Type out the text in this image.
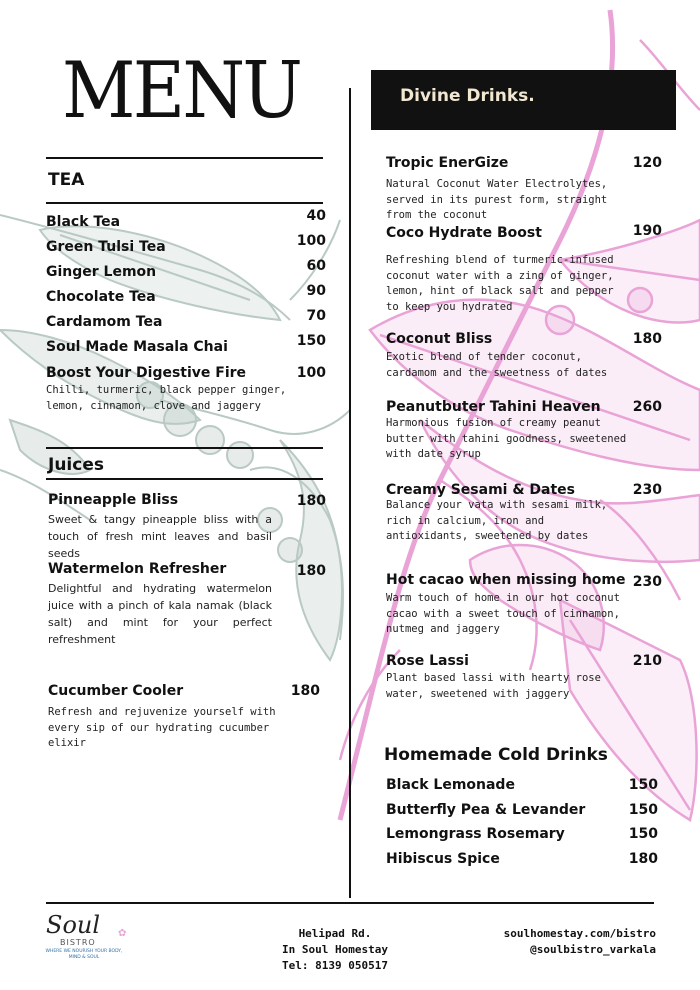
MENU
TEA
Black Tea	40
Green Tulsi Tea	100
Ginger Lemon	60
Chocolate Tea	90
Cardamom Tea	70
Soul Made Masala Chai	150
Boost Your Digestive Fire	100
Chilli, turmeric, black pepper ginger, lemon, cinnamon, clove and jaggery
Juices
Pinneapple Bliss	180
Sweet & tangy pineapple bliss with a touch of fresh mint leaves and basil seeds
Watermelon Refresher	180
Delightful and hydrating watermelon juice with a pinch of kala namak (black salt) and mint for your perfect refreshment
Cucumber Cooler	180
Refresh and rejuvenize yourself with every sip of our hydrating cucumber elixir
Divine Drinks.
Tropic EnerGize	120
Natural Coconut Water Electrolytes, served in its purest form, straight from the coconut
Coco Hydrate Boost	190
Refreshing blend of turmeric-infused coconut water with a zing of ginger, lemon, hint of black salt and pepper to keep you hydrated
Coconut Bliss	180
Exotic blend of tender coconut, cardamom and the sweetness of dates
Peanutbuter Tahini Heaven	260
Harmonious fusion of creamy peanut butter with tahini goodness, sweetened with date syrup
Creamy Sesami & Dates	230
Balance your vata with sesami milk, rich in calcium, iron and antioxidants, sweetened by dates
Hot cacao when missing home 230
Warm touch of home in our hot coconut cacao with a sweet touch of cinnamon, nutmeg and jaggery
Rose Lassi	210
Plant based lassi with hearty rose water, sweetened with jaggery
Homemade Cold Drinks
Black Lemonade	150
Butterfly Pea & Levander	150
Lemongrass Rosemary	150
Hibiscus Spice	180
Soul
BISTRO
WHERE WE NOURISH YOUR BODY, MIND & SOUL
✿	Helipad Rd.
In Soul Homestay
Tel: 8139 050517
soulhomestay.com/bistro
@soulbistro_varkala
